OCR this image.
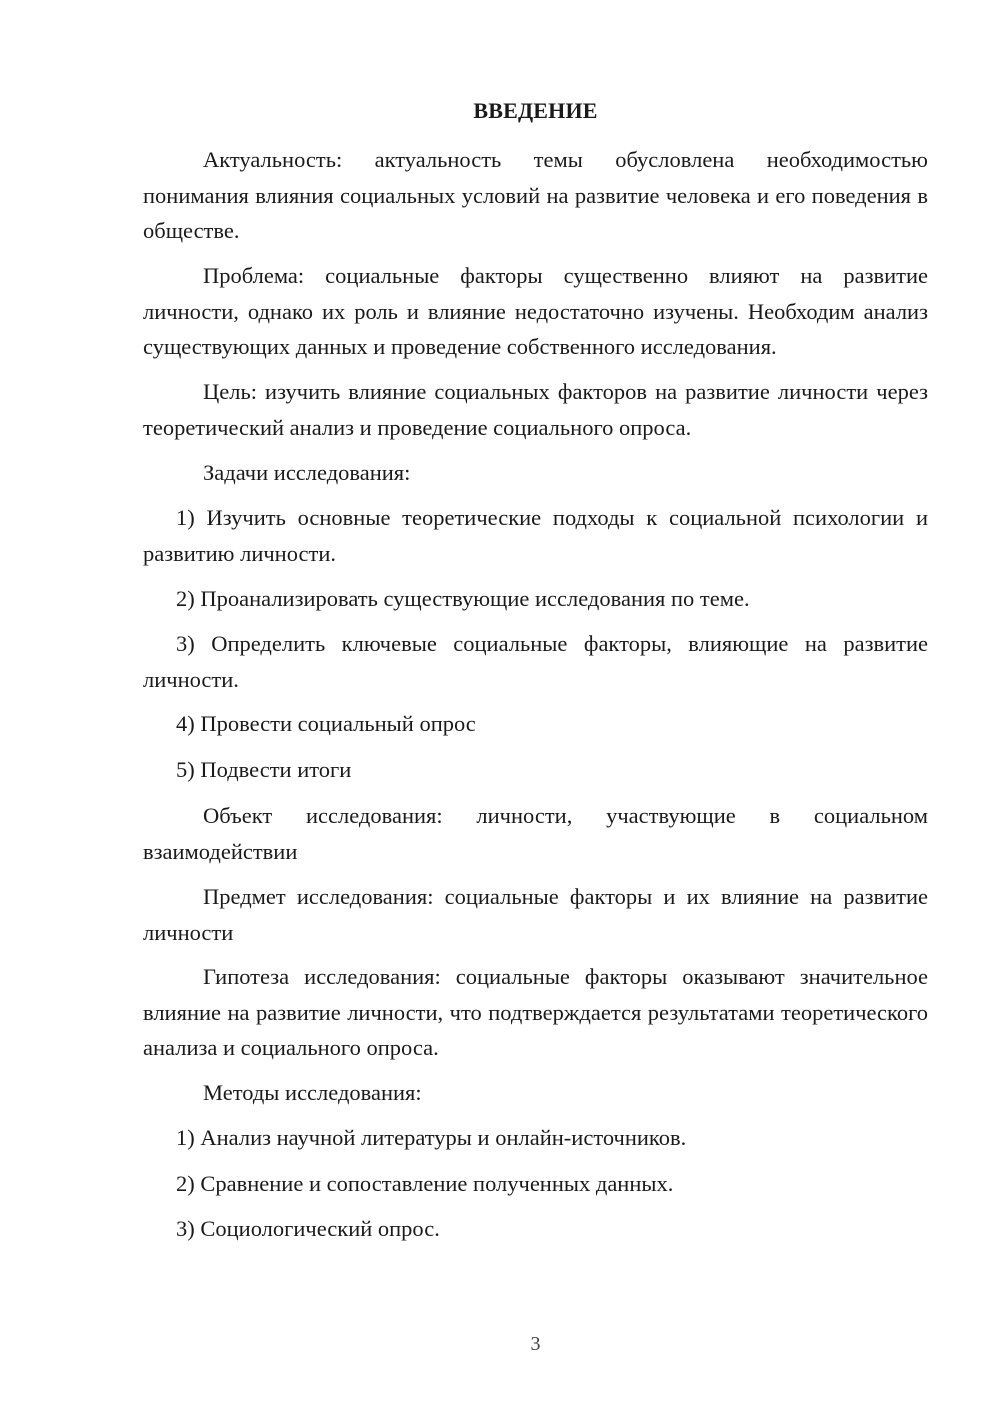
ВВЕДЕНИЕ

Актуальность: актуальность темы обусловлена необходимостью понимания влияния социальных условий на развитие человека и его поведения в обществе.

Проблема: социальные факторы существенно влияют на развитие личности, однако их роль и влияние недостаточно изучены. Необходим анализ существующих данных и проведение собственного исследования.

Цель: изучить влияние социальных факторов на развитие личности через теоретический анализ и проведение социального опроса.

Задачи исследования:

1) Изучить основные теоретические подходы к социальной психологии и развитию личности.

2) Проанализировать существующие исследования по теме.

3) Определить ключевые социальные факторы, влияющие на развитие личности.

4) Провести социальный опрос

5) Подвести итоги

Объект исследования: личности, участвующие в социальном взаимодействии

Предмет исследования: социальные факторы и их влияние на развитие личности

Гипотеза исследования: социальные факторы оказывают значительное влияние на развитие личности, что подтверждается результатами теоретического анализа и социального опроса.

Методы исследования:

1) Анализ научной литературы и онлайн-источников.

2) Сравнение и сопоставление полученных данных.

3) Социологический опрос.

3
